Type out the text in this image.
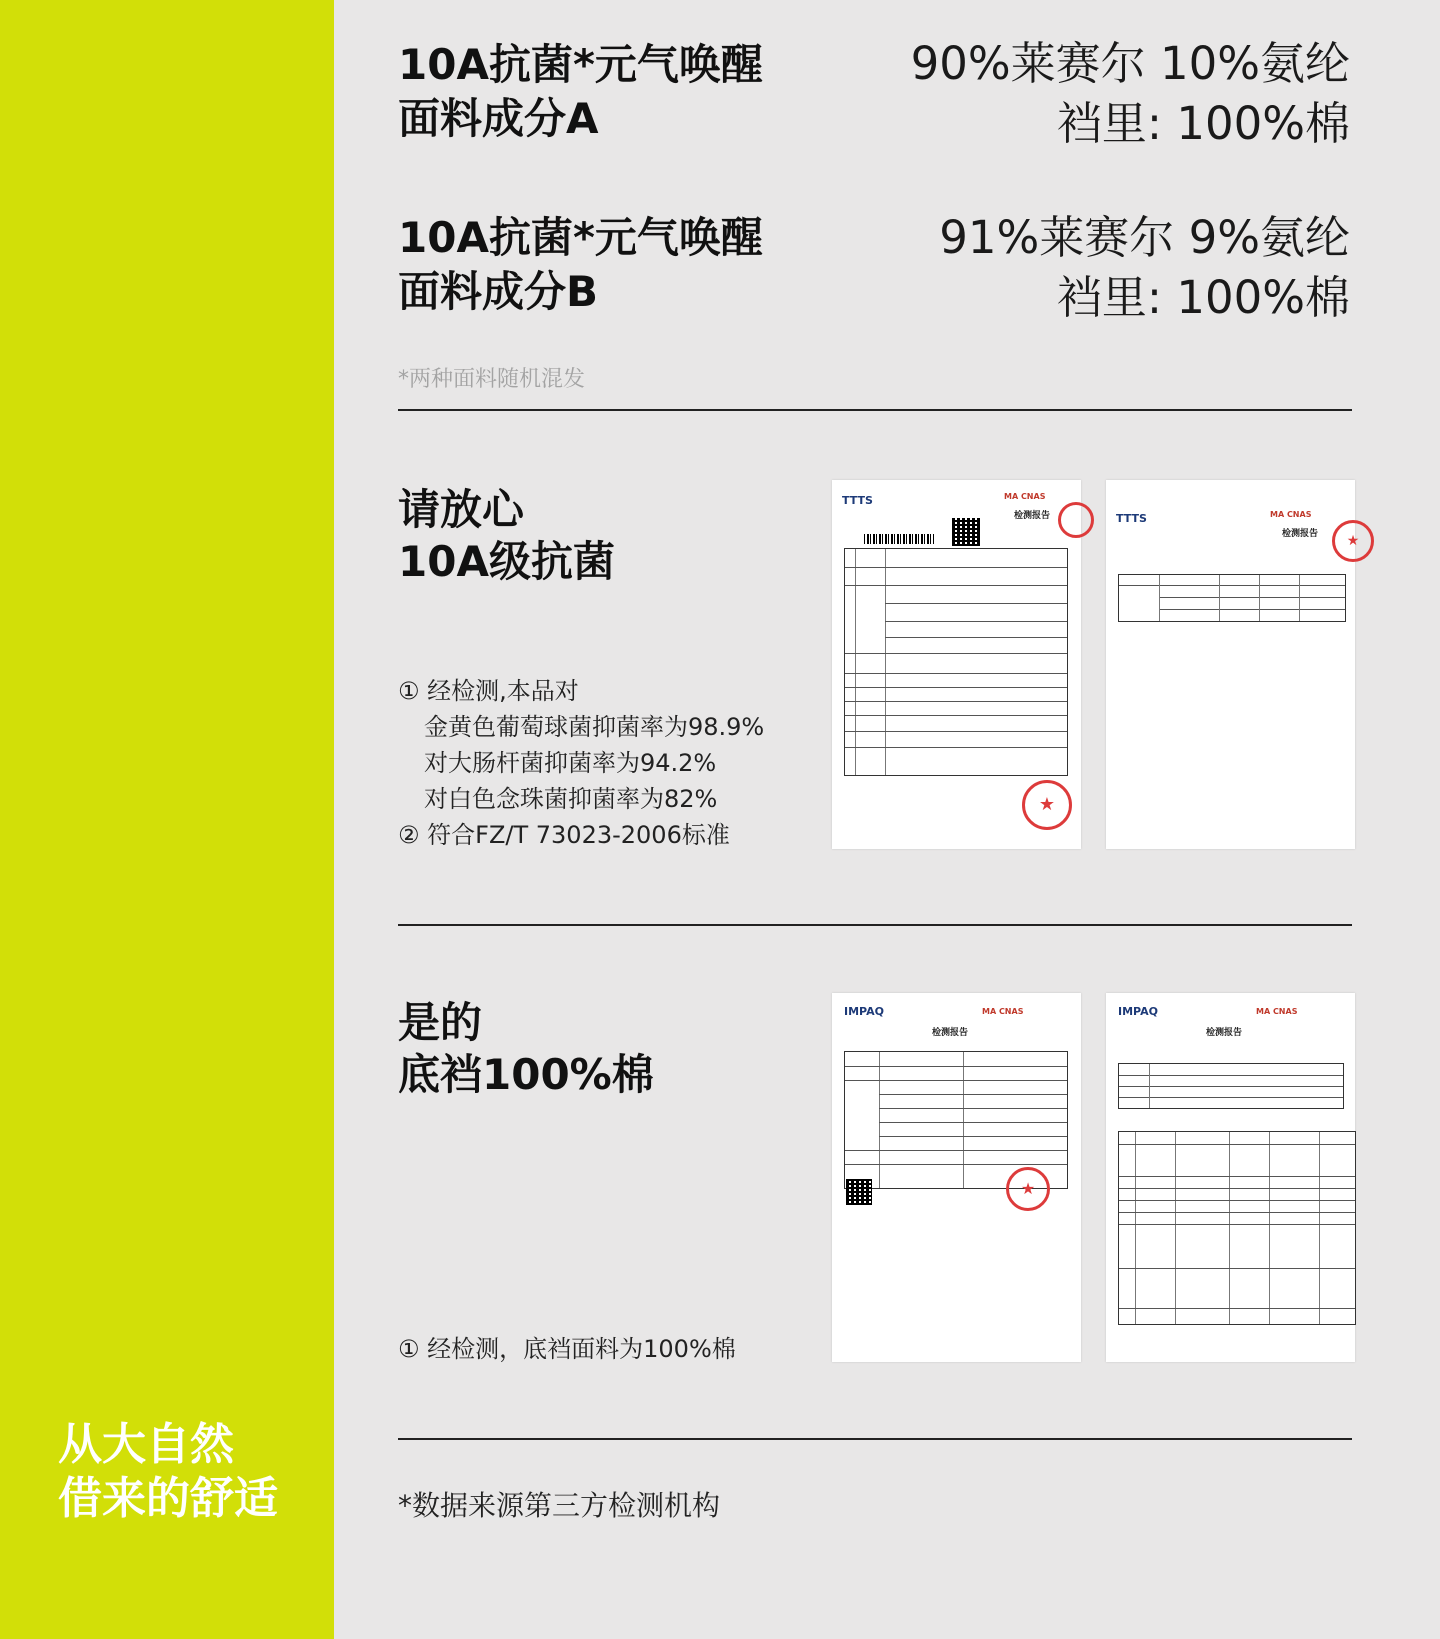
从大自然
借来的舒适
10A抗菌*元气唤醒
面料成分A
90%莱赛尔 10%氨纶
裆里: 100%棉
10A抗菌*元气唤醒
面料成分B
91%莱赛尔 9%氨纶
裆里: 100%棉
*两种面料随机混发
请放心
10A级抗菌
① 经检测,本品对
金黄色葡萄球菌抑菌率为98.9%
对大肠杆菌抑菌率为94.2%
对白色念珠菌抑菌率为82%
② 符合FZ/T 73023-2006标准
TTTS	MA CNAS
检测报告
★
TTTS	MA CNAS
检测报告	★
是的
底裆100%棉
① 经检测，底裆面料为100%棉
IMPAQ	MA CNAS
检测报告
★
IMPAQ	MA CNAS
检测报告
*数据来源第三方检测机构
